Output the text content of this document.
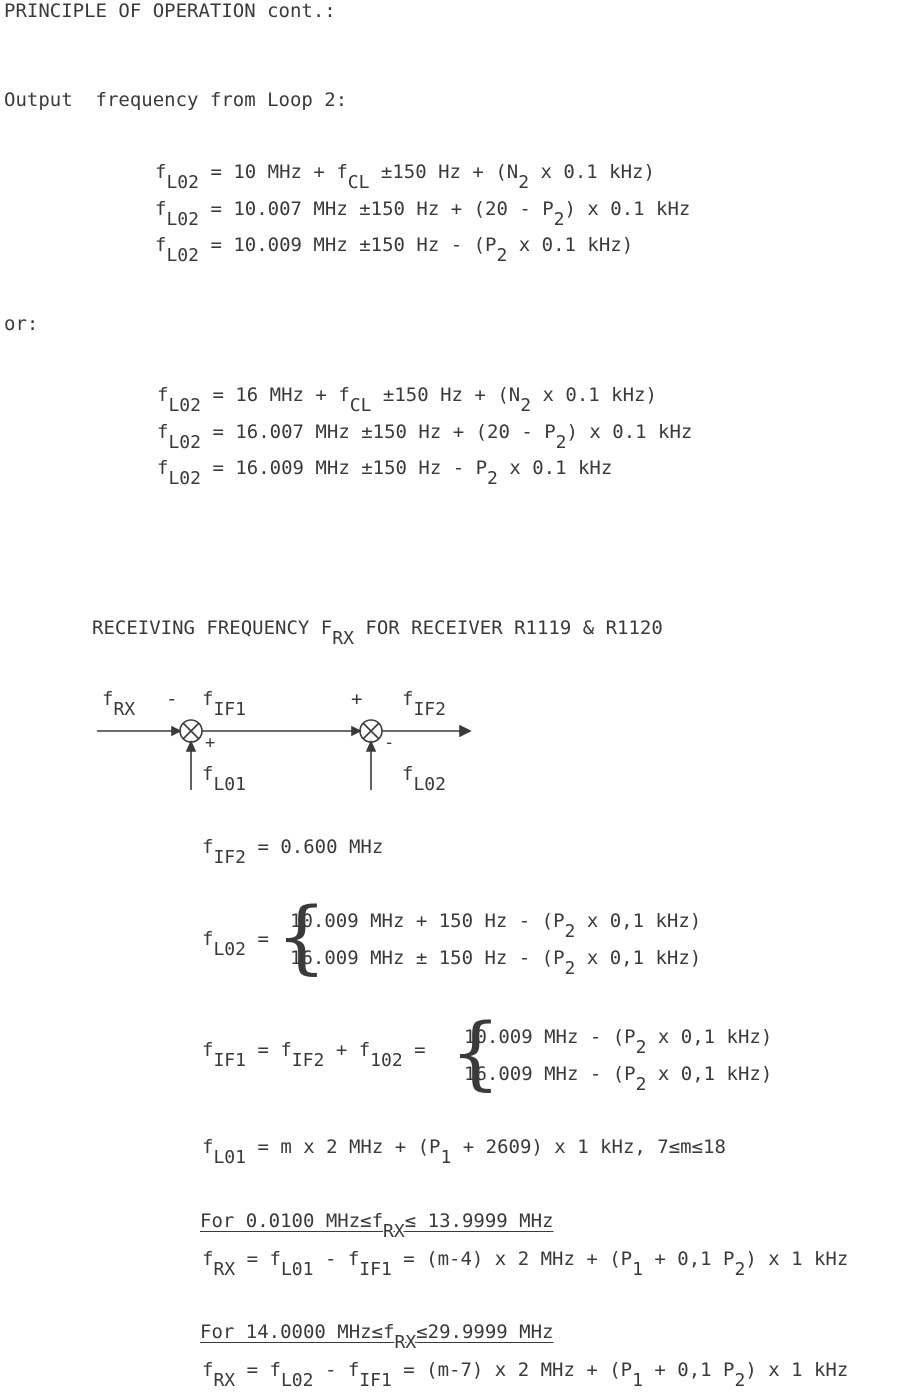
PRINCIPLE OF OPERATION cont.:
Output  frequency from Loop 2:
$f_{L02} = 10$ MHz + $f_{CL} \pm 150$ $Hz + (N_2$ x 0.1 kHz)
$f_{L02} = 10.007$ MHz ±150 $Hz + (20 - P_2)$ x 0.1 kHz
$f_{L02} = 10.009$ MHz ±150 Hz - ($P_2$ x 0.1 kHz)
or:
$f_{L02} = 16$ MHz + $f_{CL} \pm 150$ $Hz + (N_2$ x 0.1 kHz)
$f_{L02} = 16.007$ MHz ±150 $Hz + (20 - P_2)$ x 0.1 kHz
$f_{L02} = 16.009$ MHz ±150 Hz - $P_2$ x 0.1 kHz
RECEIVING FREQUENCY $F_{RX}$ FOR RECEIVER R1119 & R1120
$f_{RX} - f_{IF1}$	+ $f_{IF2}$
+	-
$f_{L01}$	$f_{L02}$
$f_{IF2} = 0.600$ MHz
$f_{L02}$ = {
10.009 MHz + 150 Hz - ($P_2$ x 0,1 kHz)
16.009 MHz ± 150 Hz - ($P_2$ x 0,1 kHz)
$f_{IF1} = f_{IF2} + f_{102}$ = {
10.009 MHz - ($P_2$ x 0,1 kHz)
16.009 MHz - ($P_2$ x 0,1 kHz)
$f_{L01} = m$ x 2 MHz + $(P_1 + 2609)$ x 1 kHz, 7≤m≤18
For 0.0100 $MHz\le f_{RX}\le 13.9999$ MHz
$f_{RX} = f_{L01} - f_{IF1} = (m-4)$ x 2 MHz + ($P_1 + 0,1$ $P_2$) x 1 kHz
For 14.0000 $MHz\le f_{RX}\le 29.9999$ MHz
$f_{RX} = f_{L02} - f_{IF1} = (m-7)$ x 2 MHz + ($P_1 + 0,1$ $P_2$) x 1 kHz
